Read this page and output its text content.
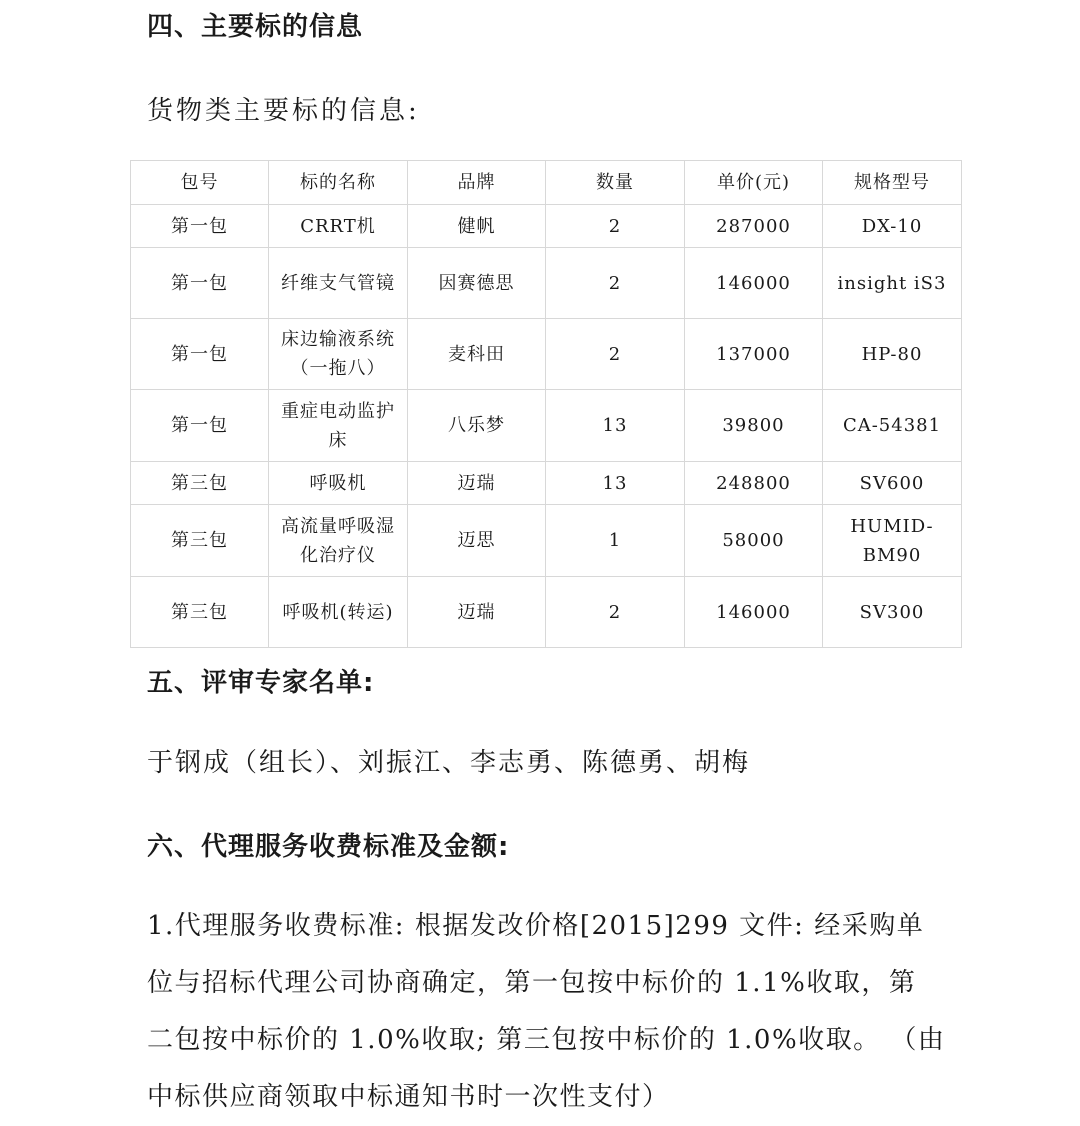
四、主要标的信息
货物类主要标的信息:
包号	标的名称	品牌	数量	单价(元)	规格型号
第一包	CRRT机	健帆	2	287000	DX-10
第一包	纤维支气管镜	因赛德思	2	146000	insight iS3
第一包	床边输液系统（一拖八）	麦科田	2	137000	HP-80
第一包	重症电动监护床	八乐梦	13	39800	CA-54381
第三包	呼吸机	迈瑞	13	248800	SV600
第三包	高流量呼吸湿化治疗仪	迈思	1	58000	HUMID-BM90
第三包	呼吸机(转运)	迈瑞	2	146000	SV300
五、评审专家名单:
于钢成（组长）、刘振江、李志勇、陈德勇、胡梅
六、代理服务收费标准及金额:
1.代理服务收费标准: 根据发改价格[2015]299 文件: 经采购单
位与招标代理公司协商确定，第一包按中标价的 1.1%收取，第
二包按中标价的 1.0%收取; 第三包按中标价的 1.0%收取。 （由
中标供应商领取中标通知书时一次性支付）
